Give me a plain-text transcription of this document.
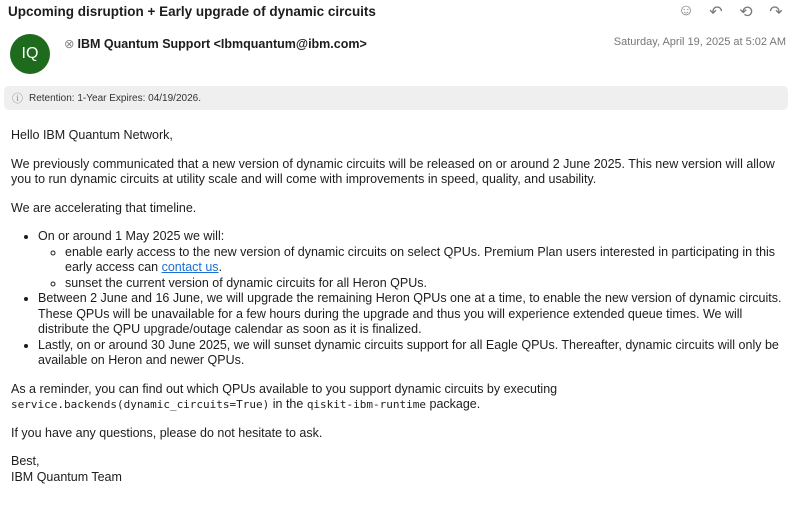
Upcoming disruption + Early upgrade of dynamic circuits	☺ ↶ ⟲ ↷
IQ
⊗ IBM Quantum Support <Ibmquantum@ibm.com>	Saturday, April 19, 2025 at 5:02 AM
ⓘ Retention: 1-Year Expires: 04/19/2026.

Hello IBM Quantum Network,

We previously communicated that a new version of dynamic circuits will be released on or around 2 June 2025. This new version will allow you to run dynamic circuits at utility scale and will come with improvements in speed, quality, and usability.

We are accelerating that timeline.

• On or around 1 May 2025 we will:
◦ enable early access to the new version of dynamic circuits on select QPUs. Premium Plan users interested in participating in this early access can contact us.
◦ sunset the current version of dynamic circuits for all Heron QPUs.
• Between 2 June and 16 June, we will upgrade the remaining Heron QPUs one at a time, to enable the new version of dynamic circuits. These QPUs will be unavailable for a few hours during the upgrade and thus you will experience extended queue times. We will distribute the QPU upgrade/outage calendar as soon as it is finalized.
• Lastly, on or around 30 June 2025, we will sunset dynamic circuits support for all Eagle QPUs. Thereafter, dynamic circuits will only be available on Heron and newer QPUs.

As a reminder, you can find out which QPUs available to you support dynamic circuits by executing
service.backends(dynamic_circuits=True) in the qiskit-ibm-runtime package.

If you have any questions, please do not hesitate to ask.

Best,
IBM Quantum Team
